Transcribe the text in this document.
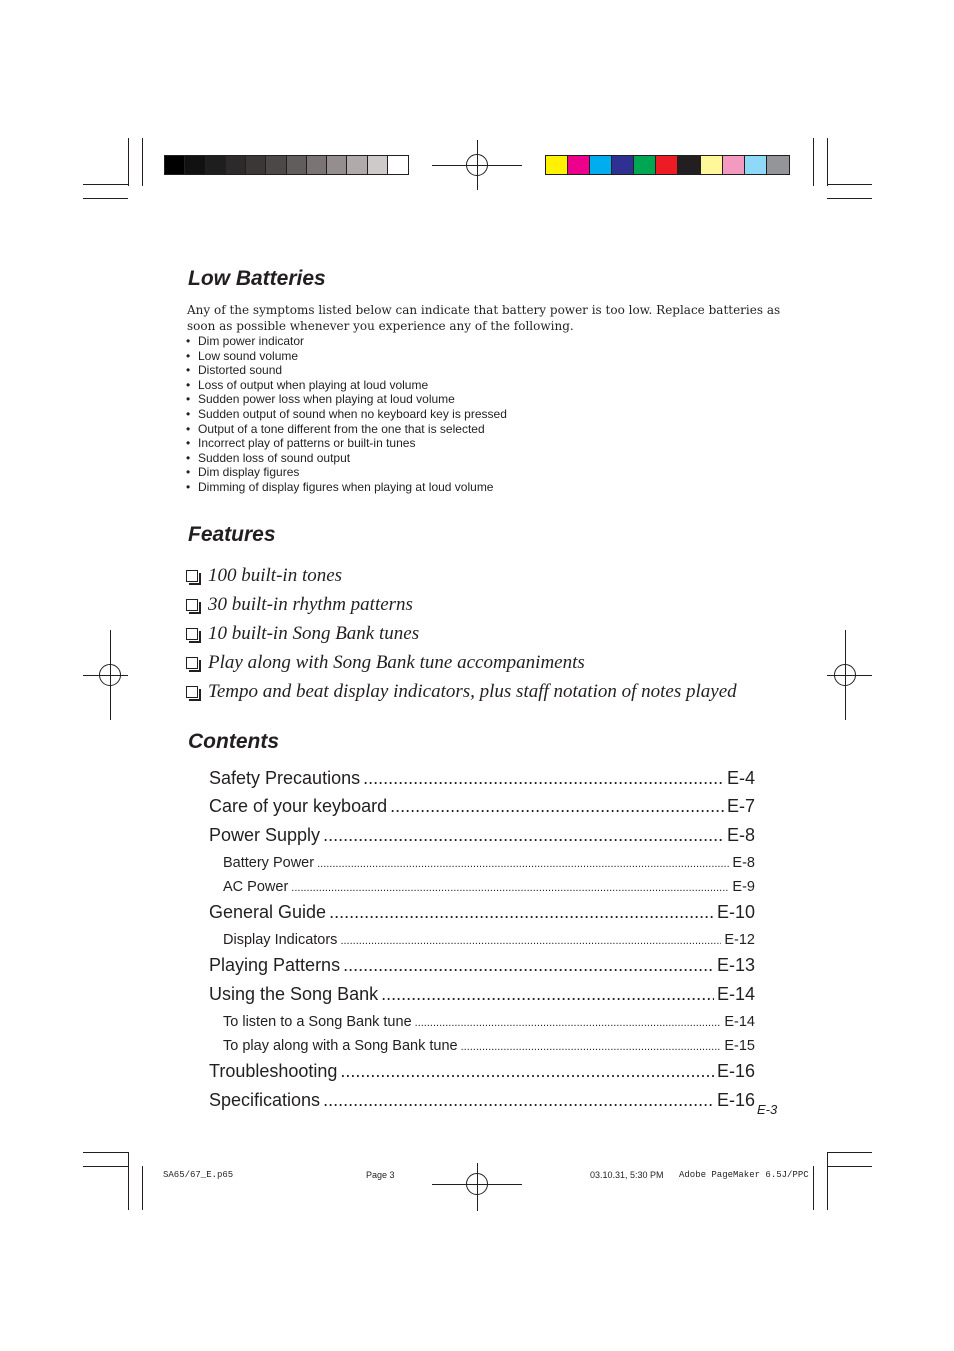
Low Batteries

Any of the symptoms listed below can indicate that battery power is too low. Replace batteries as soon as possible whenever you experience any of the following.

• Dim power indicator
• Low sound volume
• Distorted sound
• Loss of output when playing at loud volume
• Sudden power loss when playing at loud volume
• Sudden output of sound when no keyboard key is pressed
• Output of a tone different from the one that is selected
• Incorrect play of patterns or built-in tunes
• Sudden loss of sound output
• Dim display figures
• Dimming of display figures when playing at loud volume
Features
100 built-in tones
30 built-in rhythm patterns
10 built-in Song Bank tunes
Play along with Song Bank tune accompaniments
Tempo and beat display indicators, plus staff notation of notes played
Contents
Safety Precautions .....	E-4
Care of your keyboard .....	E-7
Power Supply .....	E-8
Battery Power .....	E-8
AC Power .....	E-9
General Guide .....	E-10
Display Indicators .....	E-12
Playing Patterns .....	E-13
Using the Song Bank .....	E-14
To listen to a Song Bank tune .....	E-14
To play along with a Song Bank tune .....	E-15
Troubleshooting .....	E-16
Specifications .....	E-16 E-3
SA65/67_E.p65	Page 3	03.10.31, 5:30 PM Adobe PageMaker 6.5J/PPC
